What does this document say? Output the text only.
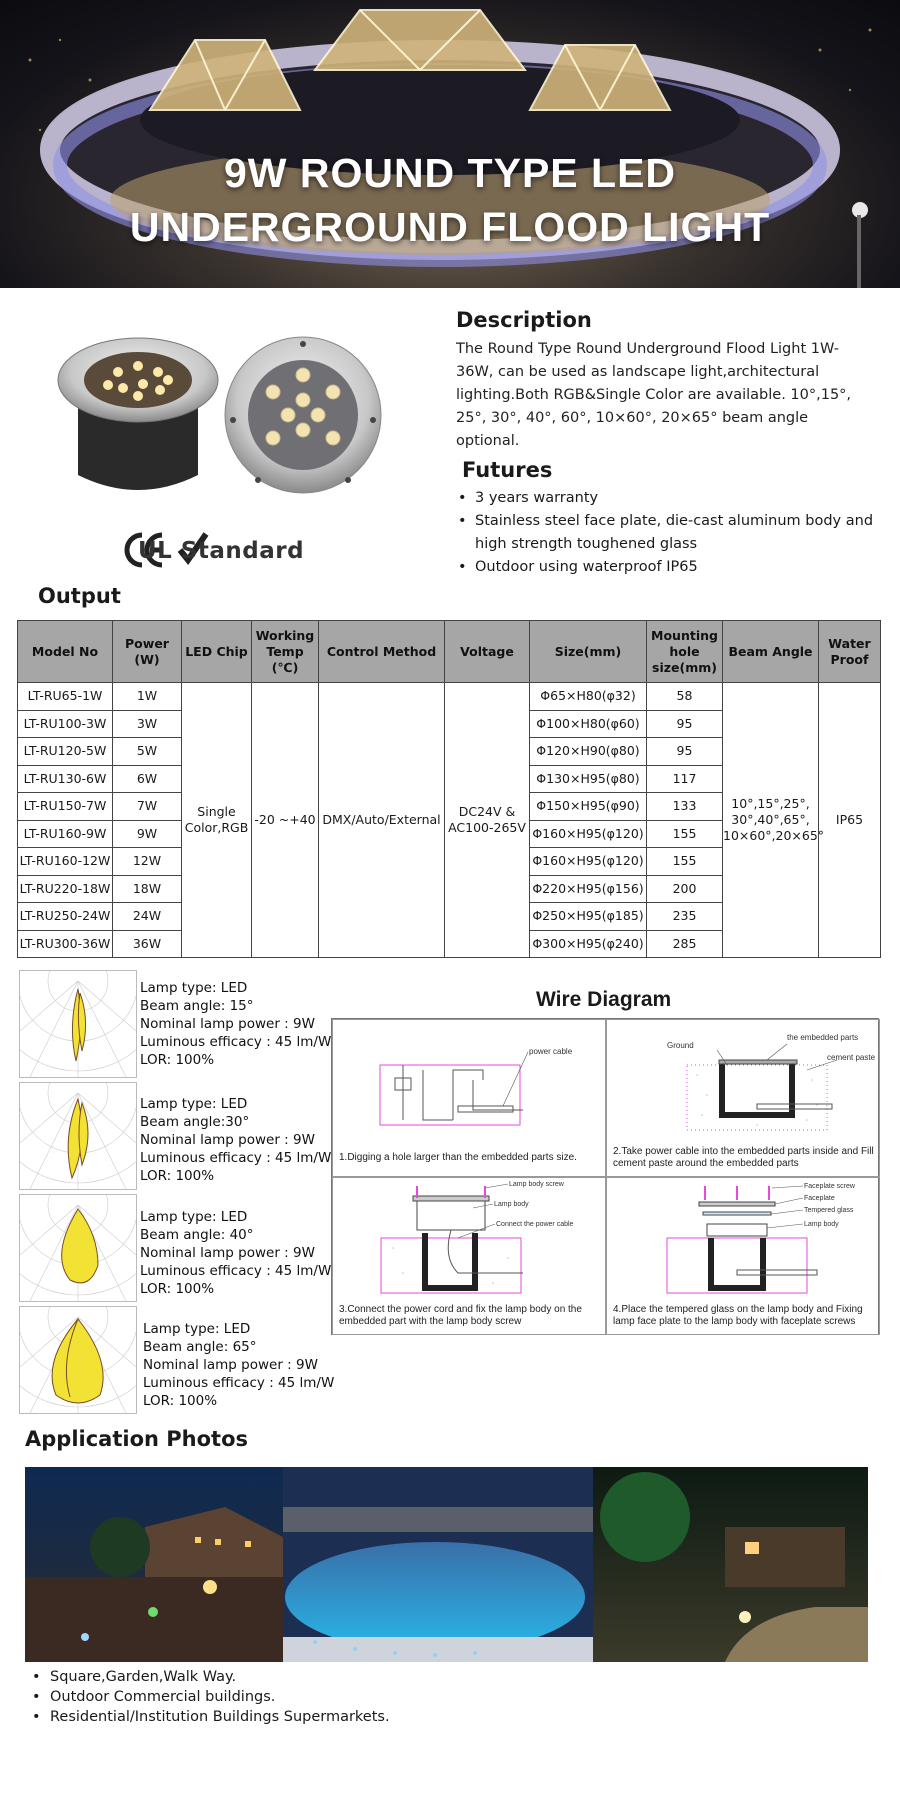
9W ROUND TYPE LED
UNDERGROUND FLOOD LIGHT
UL Standard
Description
The Round Type Round Underground Flood Light 1W-36W, can be used as landscape light,architectural lighting.Both RGB&Single Color are available. 10°,15°, 25°, 30°, 40°, 60°, 10×60°, 20×65° beam angle optional.
Futures
• 3 years warranty
• Stainless steel face plate, die-cast aluminum body and high strength toughened glass
• Outdoor using waterproof IP65
Output
Model No	Power (W)	LED Chip	Working Temp (℃)	Control Method	Voltage	Size(mm)	Mounting hole size(mm)	Beam Angle	Water Proof
LT-RU65-1W	1W	Single Color,RGB	-20 ~+40	DMX/Auto/External	DC24V & AC100-265V	Φ65×H80(φ32)	58	10°,15°,25°, 30°,40°,65°, 10×60°,20×65°	IP65
LT-RU100-3W	3W					Φ100×H80(φ60)	95		
LT-RU120-5W	5W					Φ120×H90(φ80)	95		
LT-RU130-6W	6W					Φ130×H95(φ80)	117		
LT-RU150-7W	7W					Φ150×H95(φ90)	133		
LT-RU160-9W	9W					Φ160×H95(φ120)	155		
LT-RU160-12W	12W					Φ160×H95(φ120)	155		
LT-RU220-18W	18W					Φ220×H95(φ156)	200		
LT-RU250-24W	24W					Φ250×H95(φ185)	235		
LT-RU300-36W	36W					Φ300×H95(φ240)	285		
Lamp type: LED
Beam angle: 15°
Nominal lamp power : 9W
Luminous efficacy : 45 lm/W
LOR: 100%
Lamp type: LED
Beam angle:30°
Nominal lamp power : 9W
Luminous efficacy : 45 lm/W
LOR: 100%
Lamp type: LED
Beam angle: 40°
Nominal lamp power : 9W
Luminous efficacy : 45 lm/W
LOR: 100%
Lamp type: LED
Beam angle: 65°
Nominal lamp power : 9W
Luminous efficacy : 45 lm/W
LOR: 100%
Wire Diagram
power cable
1.Digging a hole larger than the embedded parts size.
Ground
the embedded parts
cement paste
2.Take power cable into the embedded parts inside and Fill cement paste around the embedded parts
Lamp body screw
Lamp body
Connect the power cable
3.Connect the power cord and fix the lamp body on the embedded part with the lamp body screw
Faceplate screw
Faceplate
Tempered glass
Lamp body
4.Place the tempered glass on the lamp body and Fixing lamp face plate to the lamp body with faceplate screws
Application Photos
• Square,Garden,Walk Way.
• Outdoor Commercial buildings.
• Residential/Institution Buildings Supermarkets.
